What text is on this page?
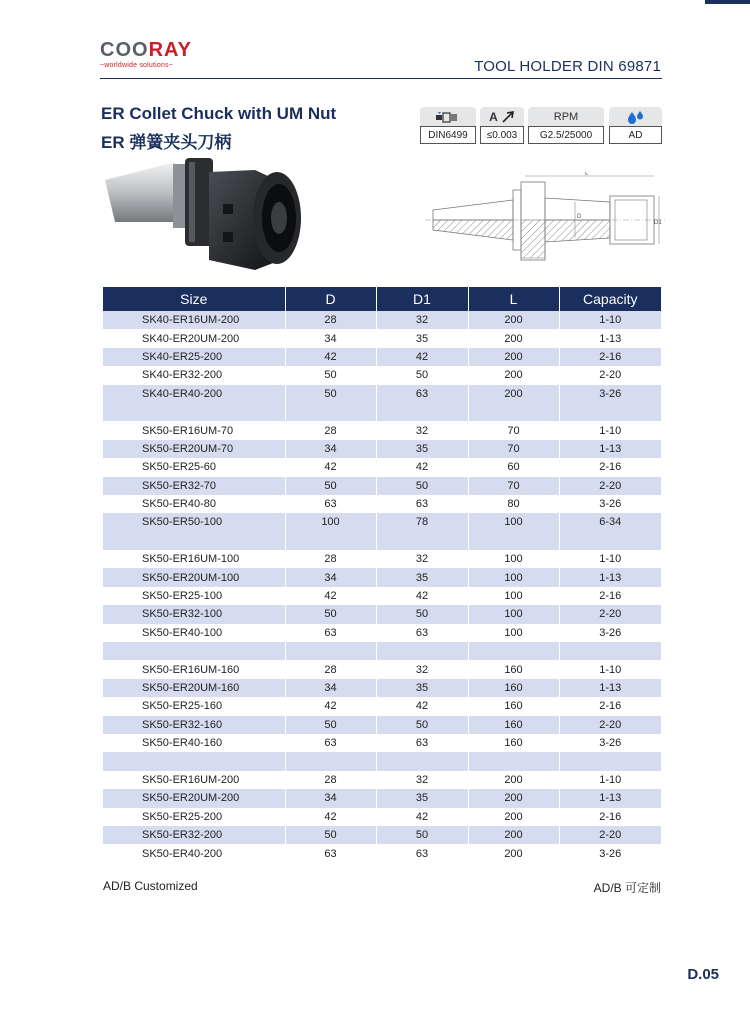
COORAY
~worldwide solutions~	TOOL HOLDER DIN 69871
ER Collet Chuck with UM Nut
ER 弹簧夹头刀柄	DIN6499
A
≤0.003
RPM
G2.5/25000	AD
L
D
D1
Size	D	D1	L	Capacity
SK40-ER16UM-200	28	32	200	1-10
SK40-ER20UM-200	34	35	200	1-13
SK40-ER25-200	42	42	200	2-16
SK40-ER32-200	50	50	200	2-20
SK40-ER40-200	50	63	200	3-26

SK50-ER16UM-70	28	32	70	1-10
SK50-ER20UM-70	34	35	70	1-13
SK50-ER25-60	42	42	60	2-16
SK50-ER32-70	50	50	70	2-20
SK50-ER40-80	63	63	80	3-26
SK50-ER50-100	100	78	100	6-34

SK50-ER16UM-100	28	32	100	1-10
SK50-ER20UM-100	34	35	100	1-13
SK50-ER25-100	42	42	100	2-16
SK50-ER32-100	50	50	100	2-20
SK50-ER40-100	63	63	100	3-26

SK50-ER16UM-160	28	32	160	1-10
SK50-ER20UM-160	34	35	160	1-13
SK50-ER25-160	42	42	160	2-16
SK50-ER32-160	50	50	160	2-20
SK50-ER40-160	63	63	160	3-26

SK50-ER16UM-200	28	32	200	1-10
SK50-ER20UM-200	34	35	200	1-13
SK50-ER25-200	42	42	200	2-16
SK50-ER32-200	50	50	200	2-20
SK50-ER40-200	63	63	200	3-26
AD/B Customized	AD/B 可定制
D.05
